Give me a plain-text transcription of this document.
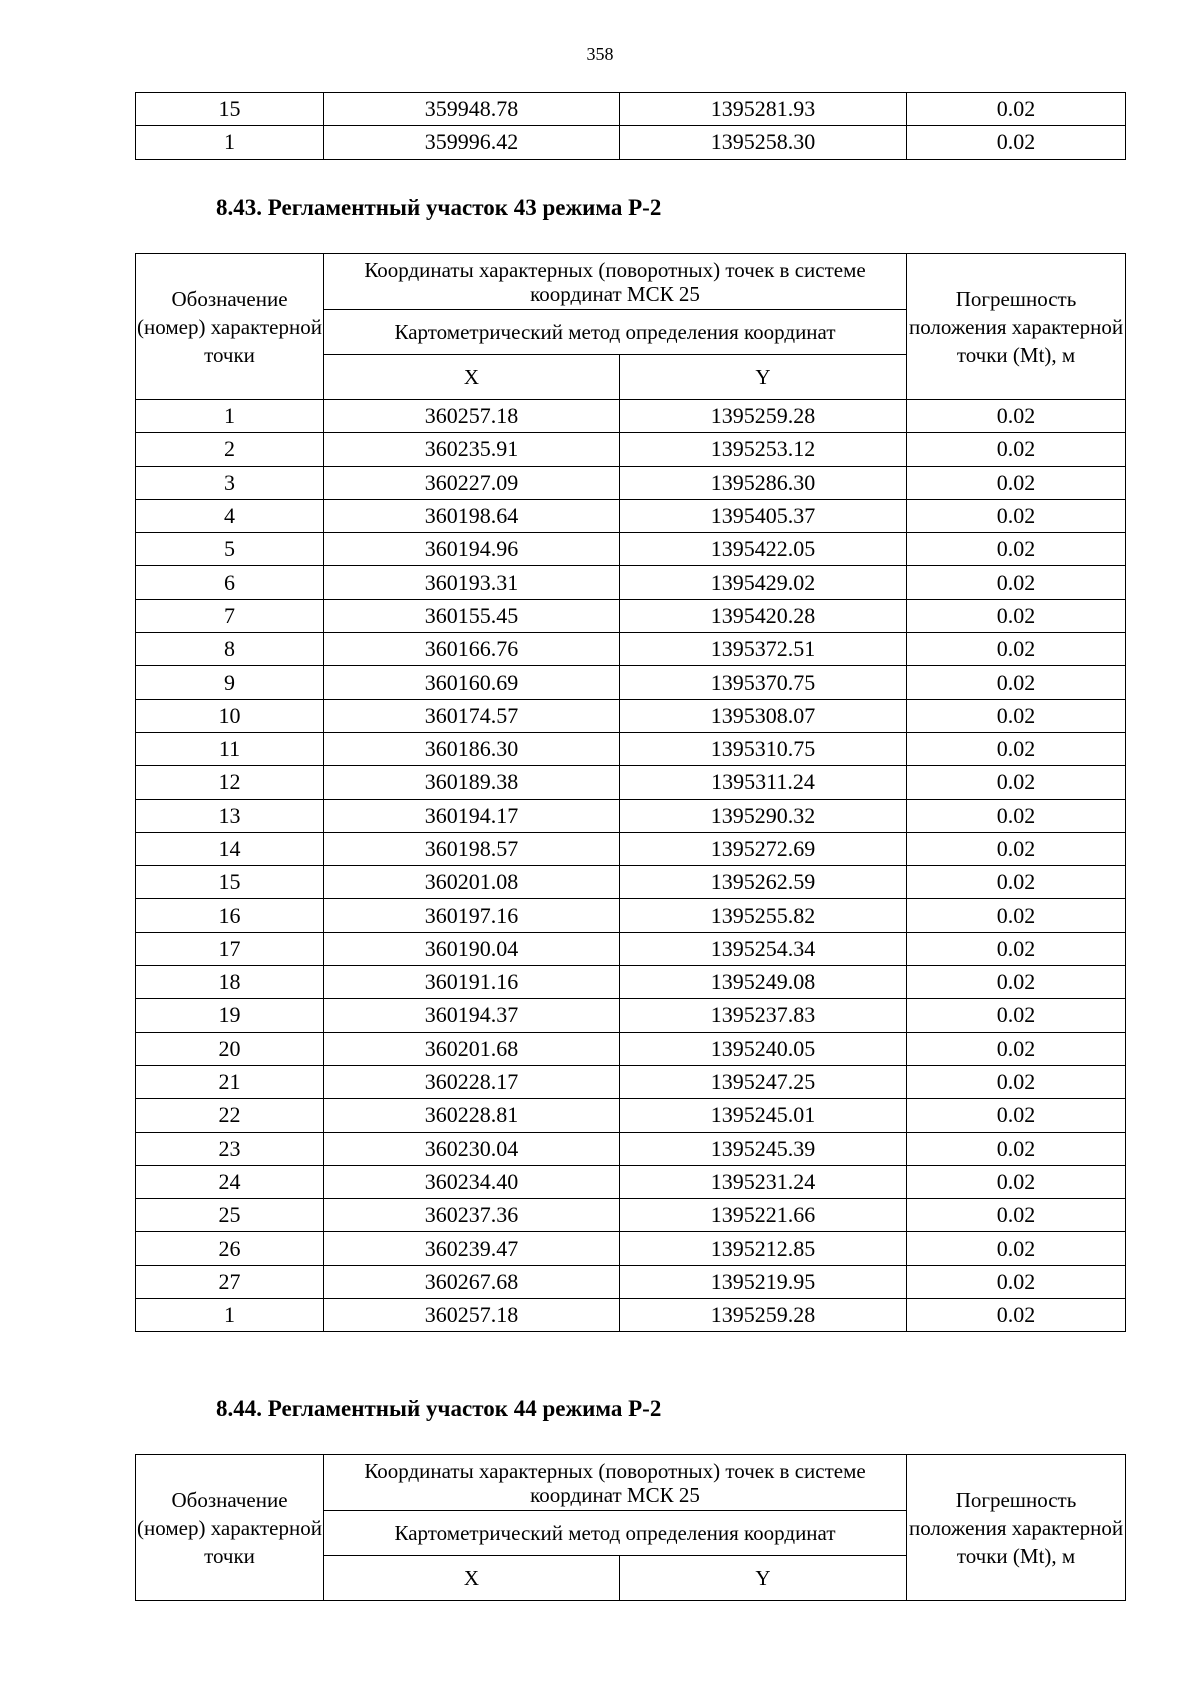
358
15	359948.78	1395281.93	0.02
1	359996.42	1395258.30	0.02
8.43. Регламентный участок 43 режима Р-2
Обозначение (номер) характерной точки	Координаты характерных (поворотных) точек в системе координат МСК 25		Погрешность положения характерной точки (Mt), м
	Картометрический метод определения координат		
	X	Y	
1	360257.18	1395259.28	0.02
2	360235.91	1395253.12	0.02
3	360227.09	1395286.30	0.02
4	360198.64	1395405.37	0.02
5	360194.96	1395422.05	0.02
6	360193.31	1395429.02	0.02
7	360155.45	1395420.28	0.02
8	360166.76	1395372.51	0.02
9	360160.69	1395370.75	0.02
10	360174.57	1395308.07	0.02
11	360186.30	1395310.75	0.02
12	360189.38	1395311.24	0.02
13	360194.17	1395290.32	0.02
14	360198.57	1395272.69	0.02
15	360201.08	1395262.59	0.02
16	360197.16	1395255.82	0.02
17	360190.04	1395254.34	0.02
18	360191.16	1395249.08	0.02
19	360194.37	1395237.83	0.02
20	360201.68	1395240.05	0.02
21	360228.17	1395247.25	0.02
22	360228.81	1395245.01	0.02
23	360230.04	1395245.39	0.02
24	360234.40	1395231.24	0.02
25	360237.36	1395221.66	0.02
26	360239.47	1395212.85	0.02
27	360267.68	1395219.95	0.02
1	360257.18	1395259.28	0.02
8.44. Регламентный участок 44 режима Р-2
Обозначение (номер) характерной точки	Координаты характерных (поворотных) точек в системе координат МСК 25		Погрешность положения характерной точки (Mt), м
	Картометрический метод определения координат		
	X	Y	
